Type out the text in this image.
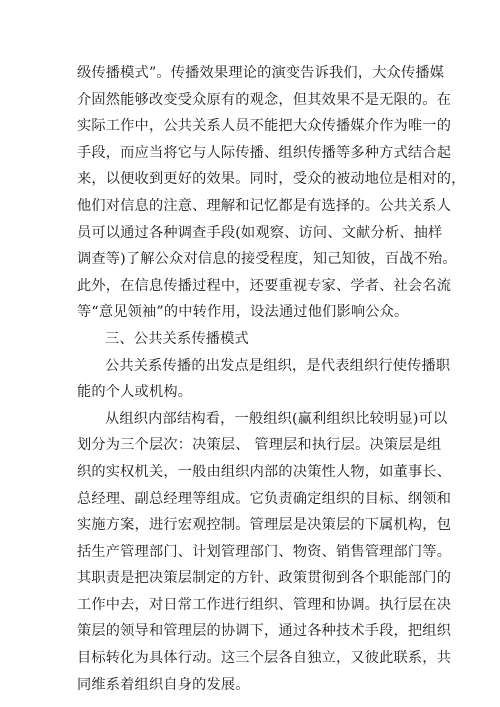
级传播模式”。传播效果理论的演变告诉我们，大众传播媒
介固然能够改变受众原有的观念，但其效果不是无限的。在
实际工作中，公共关系人员不能把大众传播媒介作为唯一的
手段，而应当将它与人际传播、组织传播等多种方式结合起
来，以便收到更好的效果。同时，受众的被动地位是相对的，
他们对信息的注意、理解和记忆都是有选择的。公共关系人
员可以通过各种调查手段(如观察、访问、文献分析、抽样
调查等)了解公众对信息的接受程度，知己知彼，百战不殆。
此外，在信息传播过程中，还要重视专家、学者、社会名流
等“意见领袖”的中转作用，设法通过他们影响公众。
三、公共关系传播模式
公共关系传播的出发点是组织，是代表组织行使传播职
能的个人或机构。
从组织内部结构看，一般组织(赢利组织比较明显)可以
划分为三个层次：决策层、 管理层和执行层。决策层是组
织的实权机关，一般由组织内部的决策性人物，如董事长、
总经理、副总经理等组成。它负责确定组织的目标、纲领和
实施方案，进行宏观控制。管理层是决策层的下属机构，包
括生产管理部门、计划管理部门、物资、销售管理部门等。
其职责是把决策层制定的方针、政策贯彻到各个职能部门的
工作中去，对日常工作进行组织、管理和协调。执行层在决
策层的领导和管理层的协调下，通过各种技术手段，把组织
目标转化为具体行动。这三个层各自独立，又彼此联系，共
同维系着组织自身的发展。
